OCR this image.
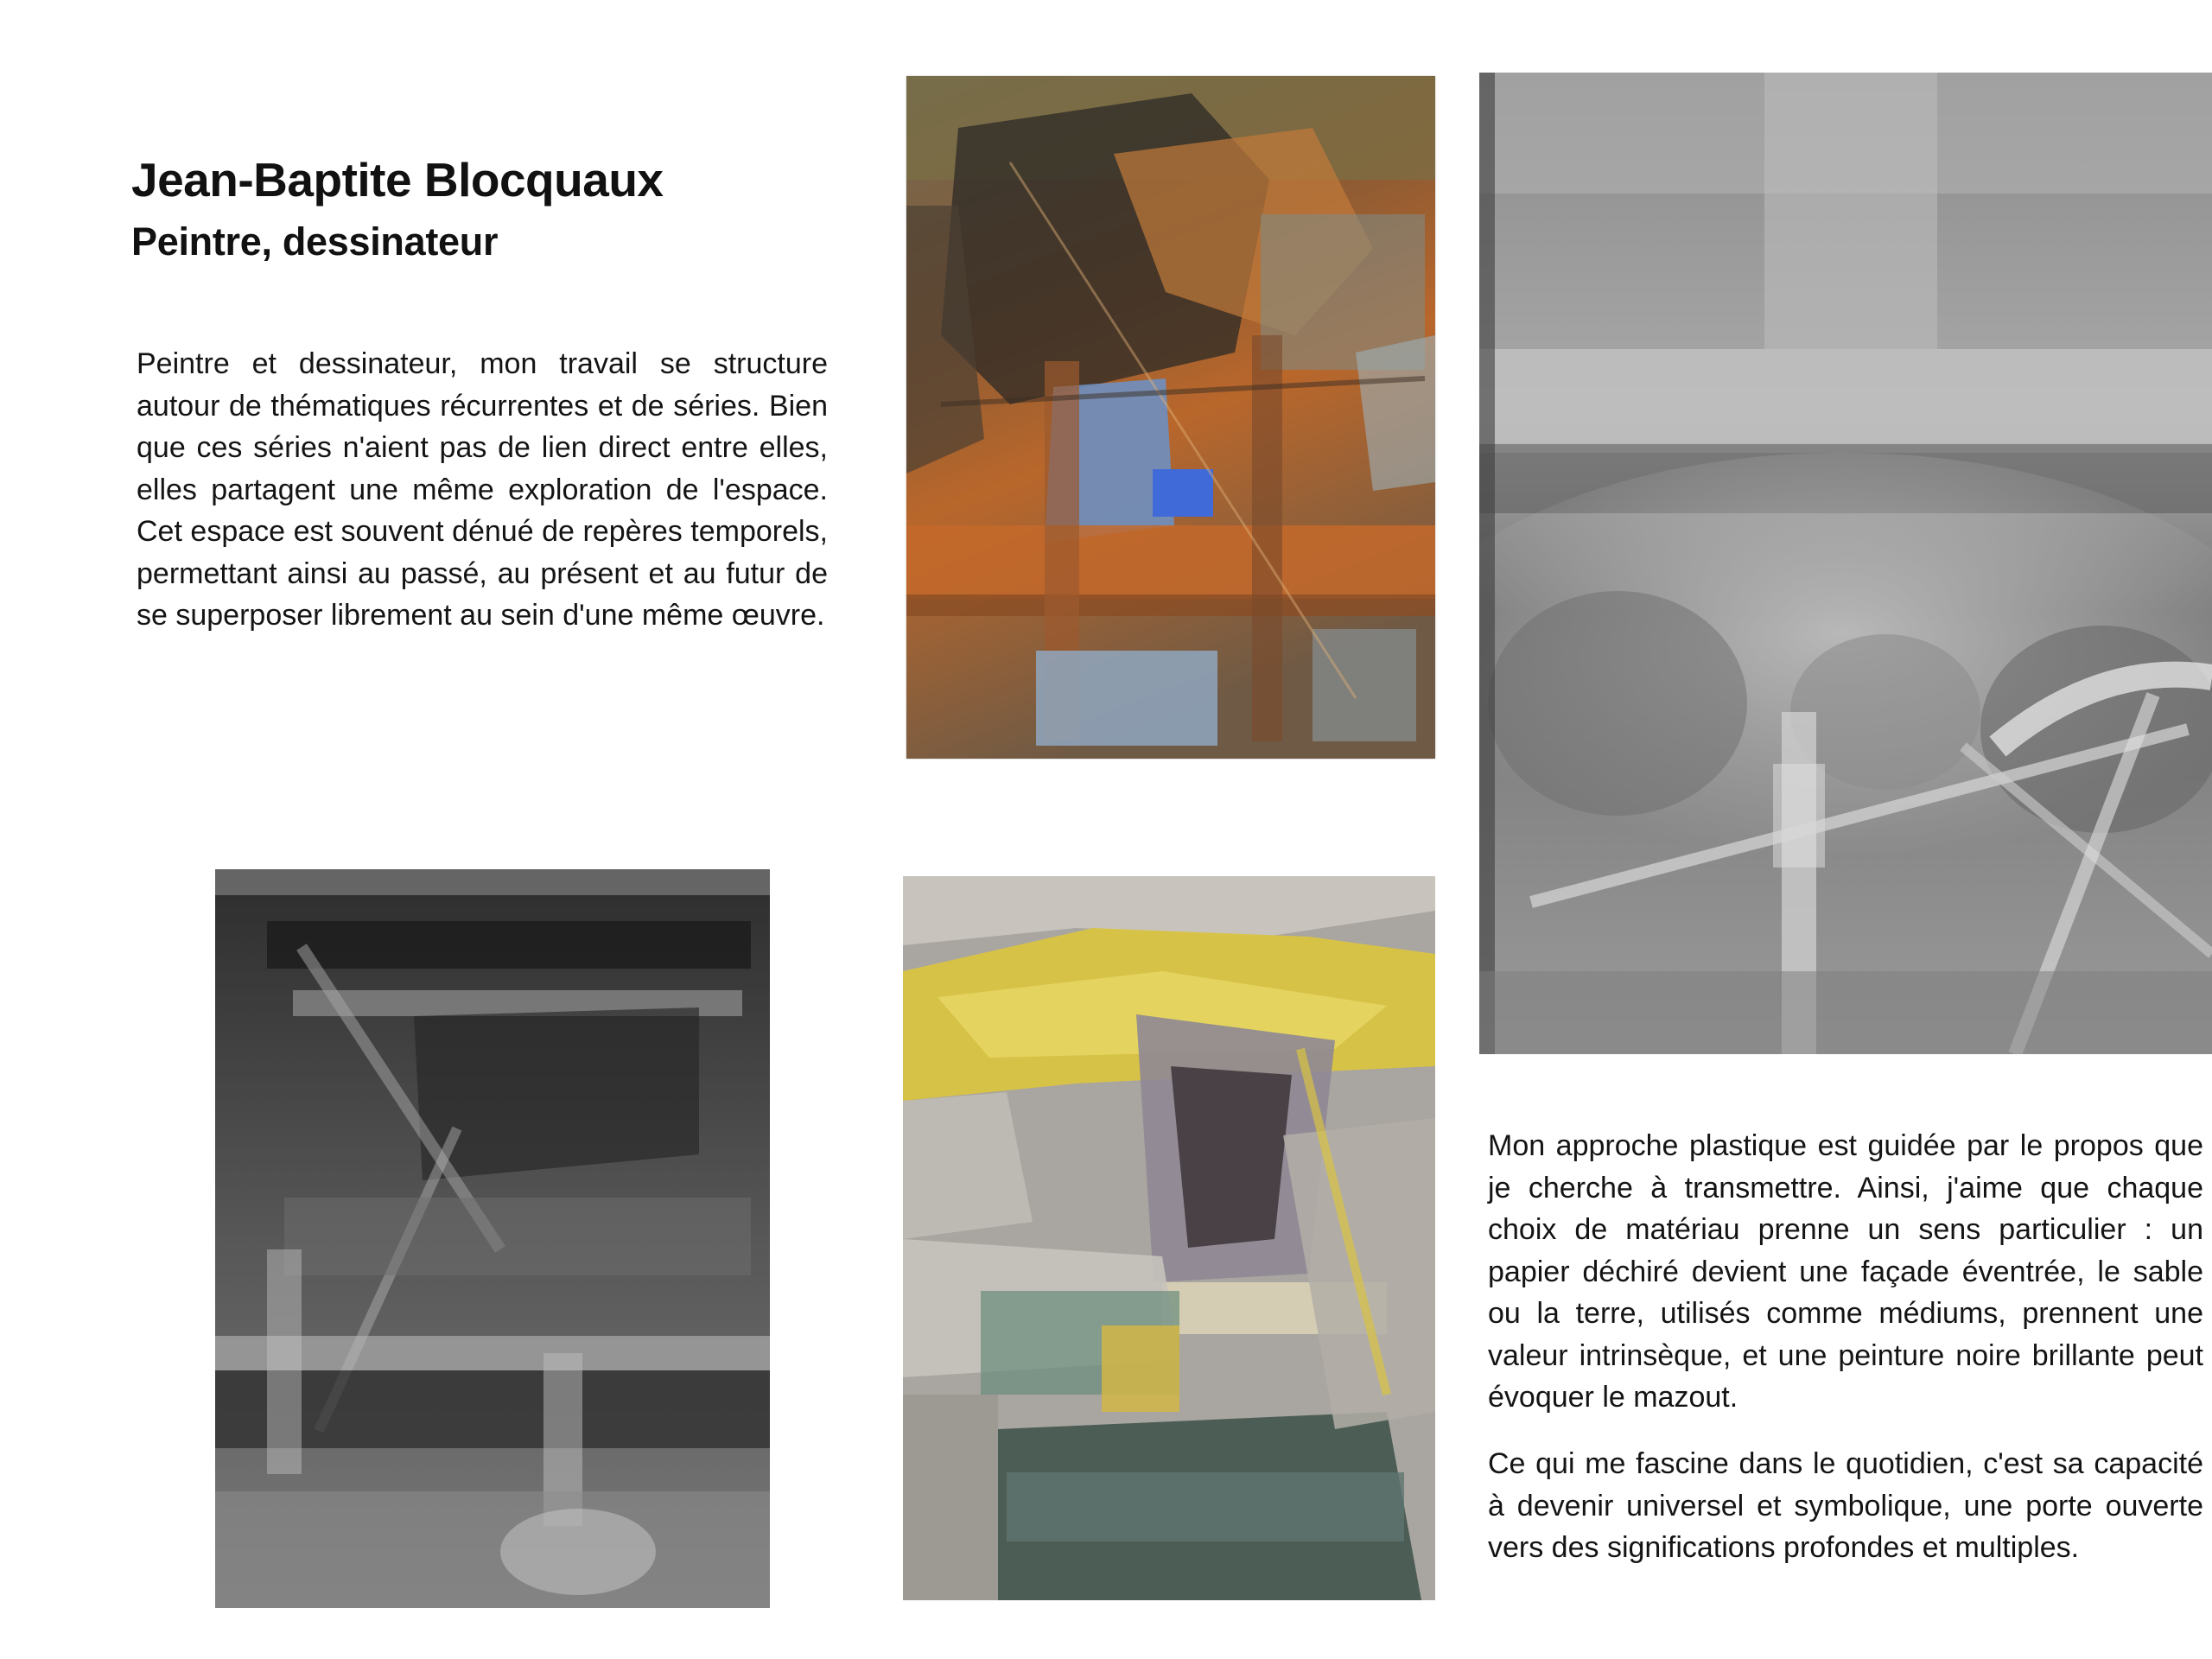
Jean-Baptite Blocquaux
Peintre, dessinateur

Peintre et dessinateur, mon travail se structure autour de thématiques récurrentes et de séries. Bien que ces séries n'aient pas de lien direct entre elles, elles partagent une même exploration de l'espace. Cet espace est souvent dénué de repères temporels, permettant ainsi au passé, au présent et au futur de se superposer librement au sein d'une même œuvre.

Mon approche plastique est guidée par le propos que je cherche à transmettre. Ainsi, j'aime que chaque choix de matériau prenne un sens particulier : un papier déchiré devient une façade éventrée, le sable ou la terre, utilisés comme médiums, prennent une valeur intrinsèque, et une peinture noire brillante peut évoquer le mazout.

Ce qui me fascine dans le quotidien, c'est sa capacité à devenir universel et symbolique, une porte ouverte vers des significations profondes et multiples.
